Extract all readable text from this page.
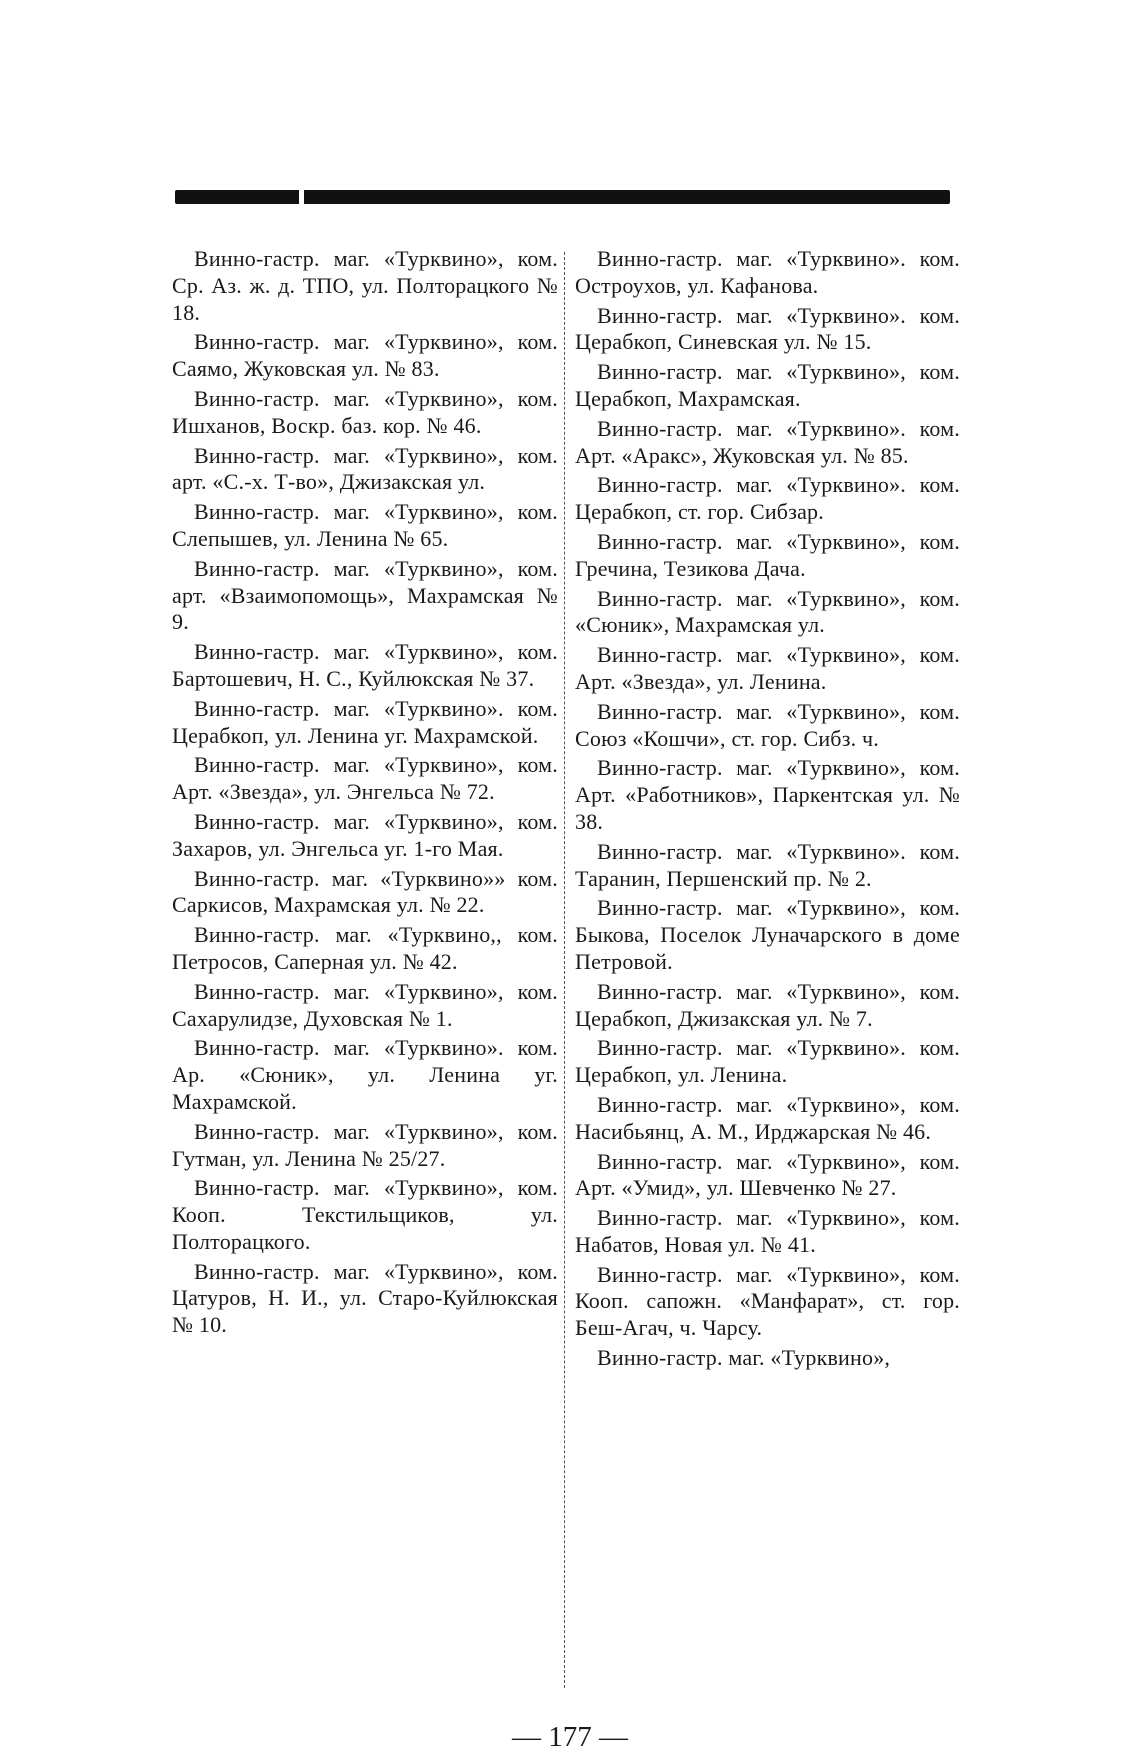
Винно-гастр. маг. «Турквино», ком. Ср. Аз. ж. д. ТПО, ул. Полторацкого № 18.

Винно-гастр. маг. «Турквино», ком. Саямо, Жуковская ул. № 83.

Винно-гастр. маг. «Турквино», ком. Ишханов, Воскр. баз. кор. № 46.

Винно-гастр. маг. «Турквино», ком. арт. «С.-х. Т-во», Джизакская ул.

Винно-гастр. маг. «Турквино», ком. Слепышев, ул. Ленина № 65.

Винно-гастр. маг. «Турквино», ком. арт. «Взаимопомощь», Махрамская № 9.

Винно-гастр. маг. «Турквино», ком. Бартошевич, Н. С., Куйлюкская № 37.

Винно-гастр. маг. «Турквино». ком. Церабкоп, ул. Ленина уг. Махрамской.

Винно-гастр. маг. «Турквино», ком. Арт. «Звезда», ул. Энгельса № 72.

Винно-гастр. маг. «Турквино», ком. Захаров, ул. Энгельса уг. 1-го Мая.

Винно-гастр. маг. «Турквино»» ком. Саркисов, Махрамская ул. № 22.

Винно-гастр. маг. «Турквино,, ком. Петросов, Саперная ул. № 42.

Винно-гастр. маг. «Турквино», ком. Сахарулидзе, Духовская № 1.

Винно-гастр. маг. «Турквино». ком. Ар. «Сюник», ул. Ленина уг. Махрамской.

Винно-гастр. маг. «Турквино», ком. Гутман, ул. Ленина № 25/27.

Винно-гастр. маг. «Турквино», ком. Кооп. Текстильщиков, ул. Полторацкого.

Винно-гастр. маг. «Турквино», ком. Цатуров, Н. И., ул. Старо-Куйлюкская № 10.

Винно-гастр. маг. «Турквино». ком. Остроухов, ул. Кафанова.

Винно-гастр. маг. «Турквино». ком. Церабкоп, Синевская ул. № 15.

Винно-гастр. маг. «Турквино», ком. Церабкоп, Махрамская.

Винно-гастр. маг. «Турквино». ком. Арт. «Аракс», Жуковская ул. № 85.

Винно-гастр. маг. «Турквино». ком. Церабкоп, ст. гор. Сибзар.

Винно-гастр. маг. «Турквино», ком. Гречина, Тезикова Дача.

Винно-гастр. маг. «Турквино», ком. «Сюник», Махрамская ул.

Винно-гастр. маг. «Турквино», ком. Арт. «Звезда», ул. Ленина.

Винно-гастр. маг. «Турквино», ком. Союз «Кошчи», ст. гор. Сибз. ч.

Винно-гастр. маг. «Турквино», ком. Арт. «Работников», Паркентская ул. № 38.

Винно-гастр. маг. «Турквино». ком. Таранин, Першенский пр. № 2.

Винно-гастр. маг. «Турквино», ком. Быкова, Поселок Луначарского в доме Петровой.

Винно-гастр. маг. «Турквино», ком. Церабкоп, Джизакская ул. № 7.

Винно-гастр. маг. «Турквино». ком. Церабкоп, ул. Ленина.

Винно-гастр. маг. «Турквино», ком. Насибьянц, А. М., Ирджарская № 46.

Винно-гастр. маг. «Турквино», ком. Арт. «Умид», ул. Шевченко № 27.

Винно-гастр. маг. «Турквино», ком. Набатов, Новая ул. № 41.

Винно-гастр. маг. «Турквино», ком. Кооп. сапожн. «Манфарат», ст. гор. Беш-Агач, ч. Чарсу.

Винно-гастр. маг. «Турквино»,

— 177 —
